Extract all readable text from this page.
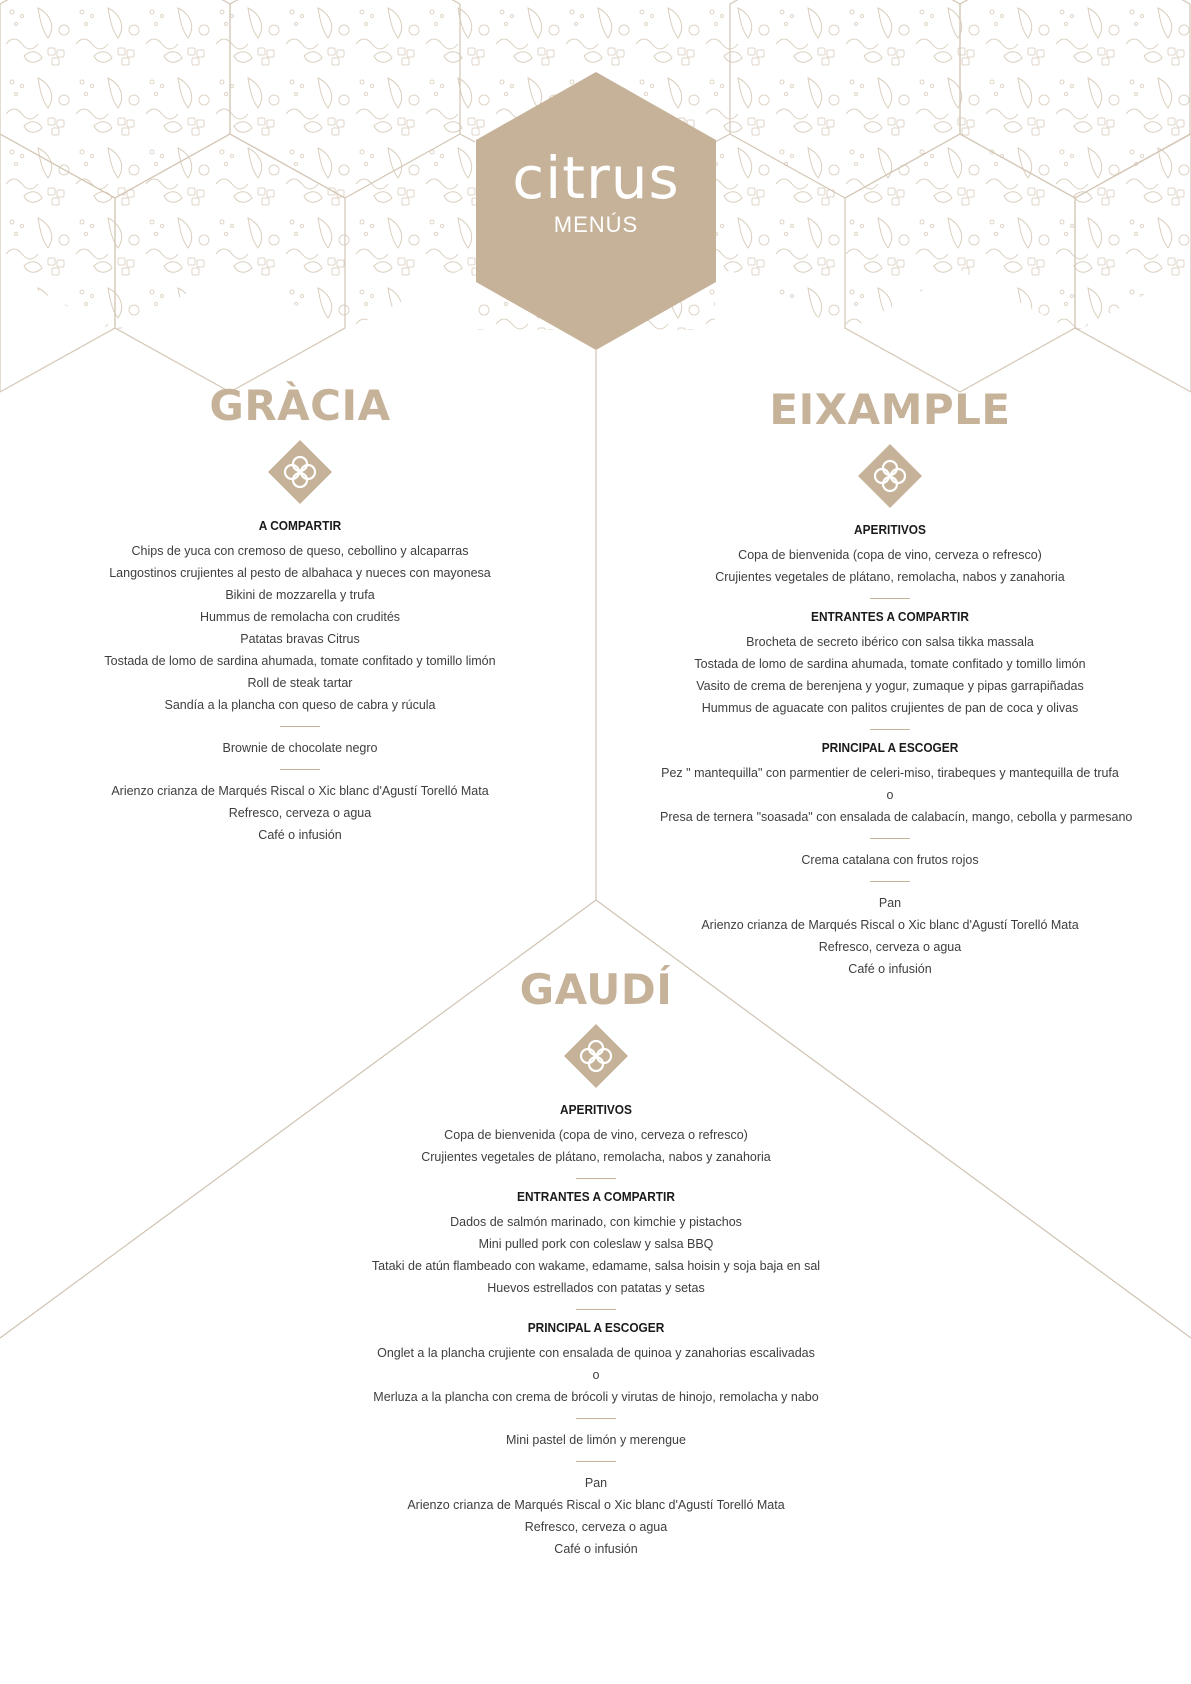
citrus
MENÚS
GRÀCIA
A COMPARTIR
Chips de yuca con cremoso de queso, cebollino y alcaparras
Langostinos crujientes al pesto de albahaca y nueces con mayonesa
Bikini de mozzarella y trufa
Hummus de remolacha con crudités
Patatas bravas Citrus
Tostada de lomo de sardina ahumada, tomate confitado y tomillo limón
Roll de steak tartar
Sandía a la plancha con queso de cabra y rúcula
Brownie de chocolate negro
Arienzo crianza de Marqués Riscal o Xic blanc d'Agustí Torelló Mata
Refresco, cerveza o agua
Café o infusión
EIXAMPLE
APERITIVOS
Copa de bienvenida (copa de vino, cerveza o refresco)
Crujientes vegetales de plátano, remolacha, nabos y zanahoria
ENTRANTES A COMPARTIR
Brocheta de secreto ibérico con salsa tikka massala
Tostada de lomo de sardina ahumada, tomate confitado y tomillo limón
Vasito de crema de berenjena y yogur, zumaque y pipas garrapiñadas
Hummus de aguacate con palitos crujientes de pan de coca y olivas
PRINCIPAL A ESCOGER
Pez " mantequilla" con parmentier de celeri-miso, tirabeques y mantequilla de trufa
o
Presa de ternera "soasada" con ensalada de calabacín, mango, cebolla y parmesano
Crema catalana con frutos rojos
Pan
Arienzo crianza de Marqués Riscal o Xic blanc d'Agustí Torelló Mata
Refresco, cerveza o agua
Café o infusión
GAUDÍ
APERITIVOS
Copa de bienvenida (copa de vino, cerveza o refresco)
Crujientes vegetales de plátano, remolacha, nabos y zanahoria
ENTRANTES A COMPARTIR
Dados de salmón marinado, con kimchie y pistachos
Mini pulled pork con coleslaw y salsa BBQ
Tataki de atún flambeado con wakame, edamame, salsa hoisin y soja baja en sal
Huevos estrellados con patatas y setas
PRINCIPAL A ESCOGER
Onglet a la plancha crujiente con ensalada de quinoa y zanahorias escalivadas
o
Merluza a la plancha con crema de brócoli y virutas de hinojo, remolacha y nabo
Mini pastel de limón y merengue
Pan
Arienzo crianza de Marqués Riscal o Xic blanc d'Agustí Torelló Mata
Refresco, cerveza o agua
Café o infusión
